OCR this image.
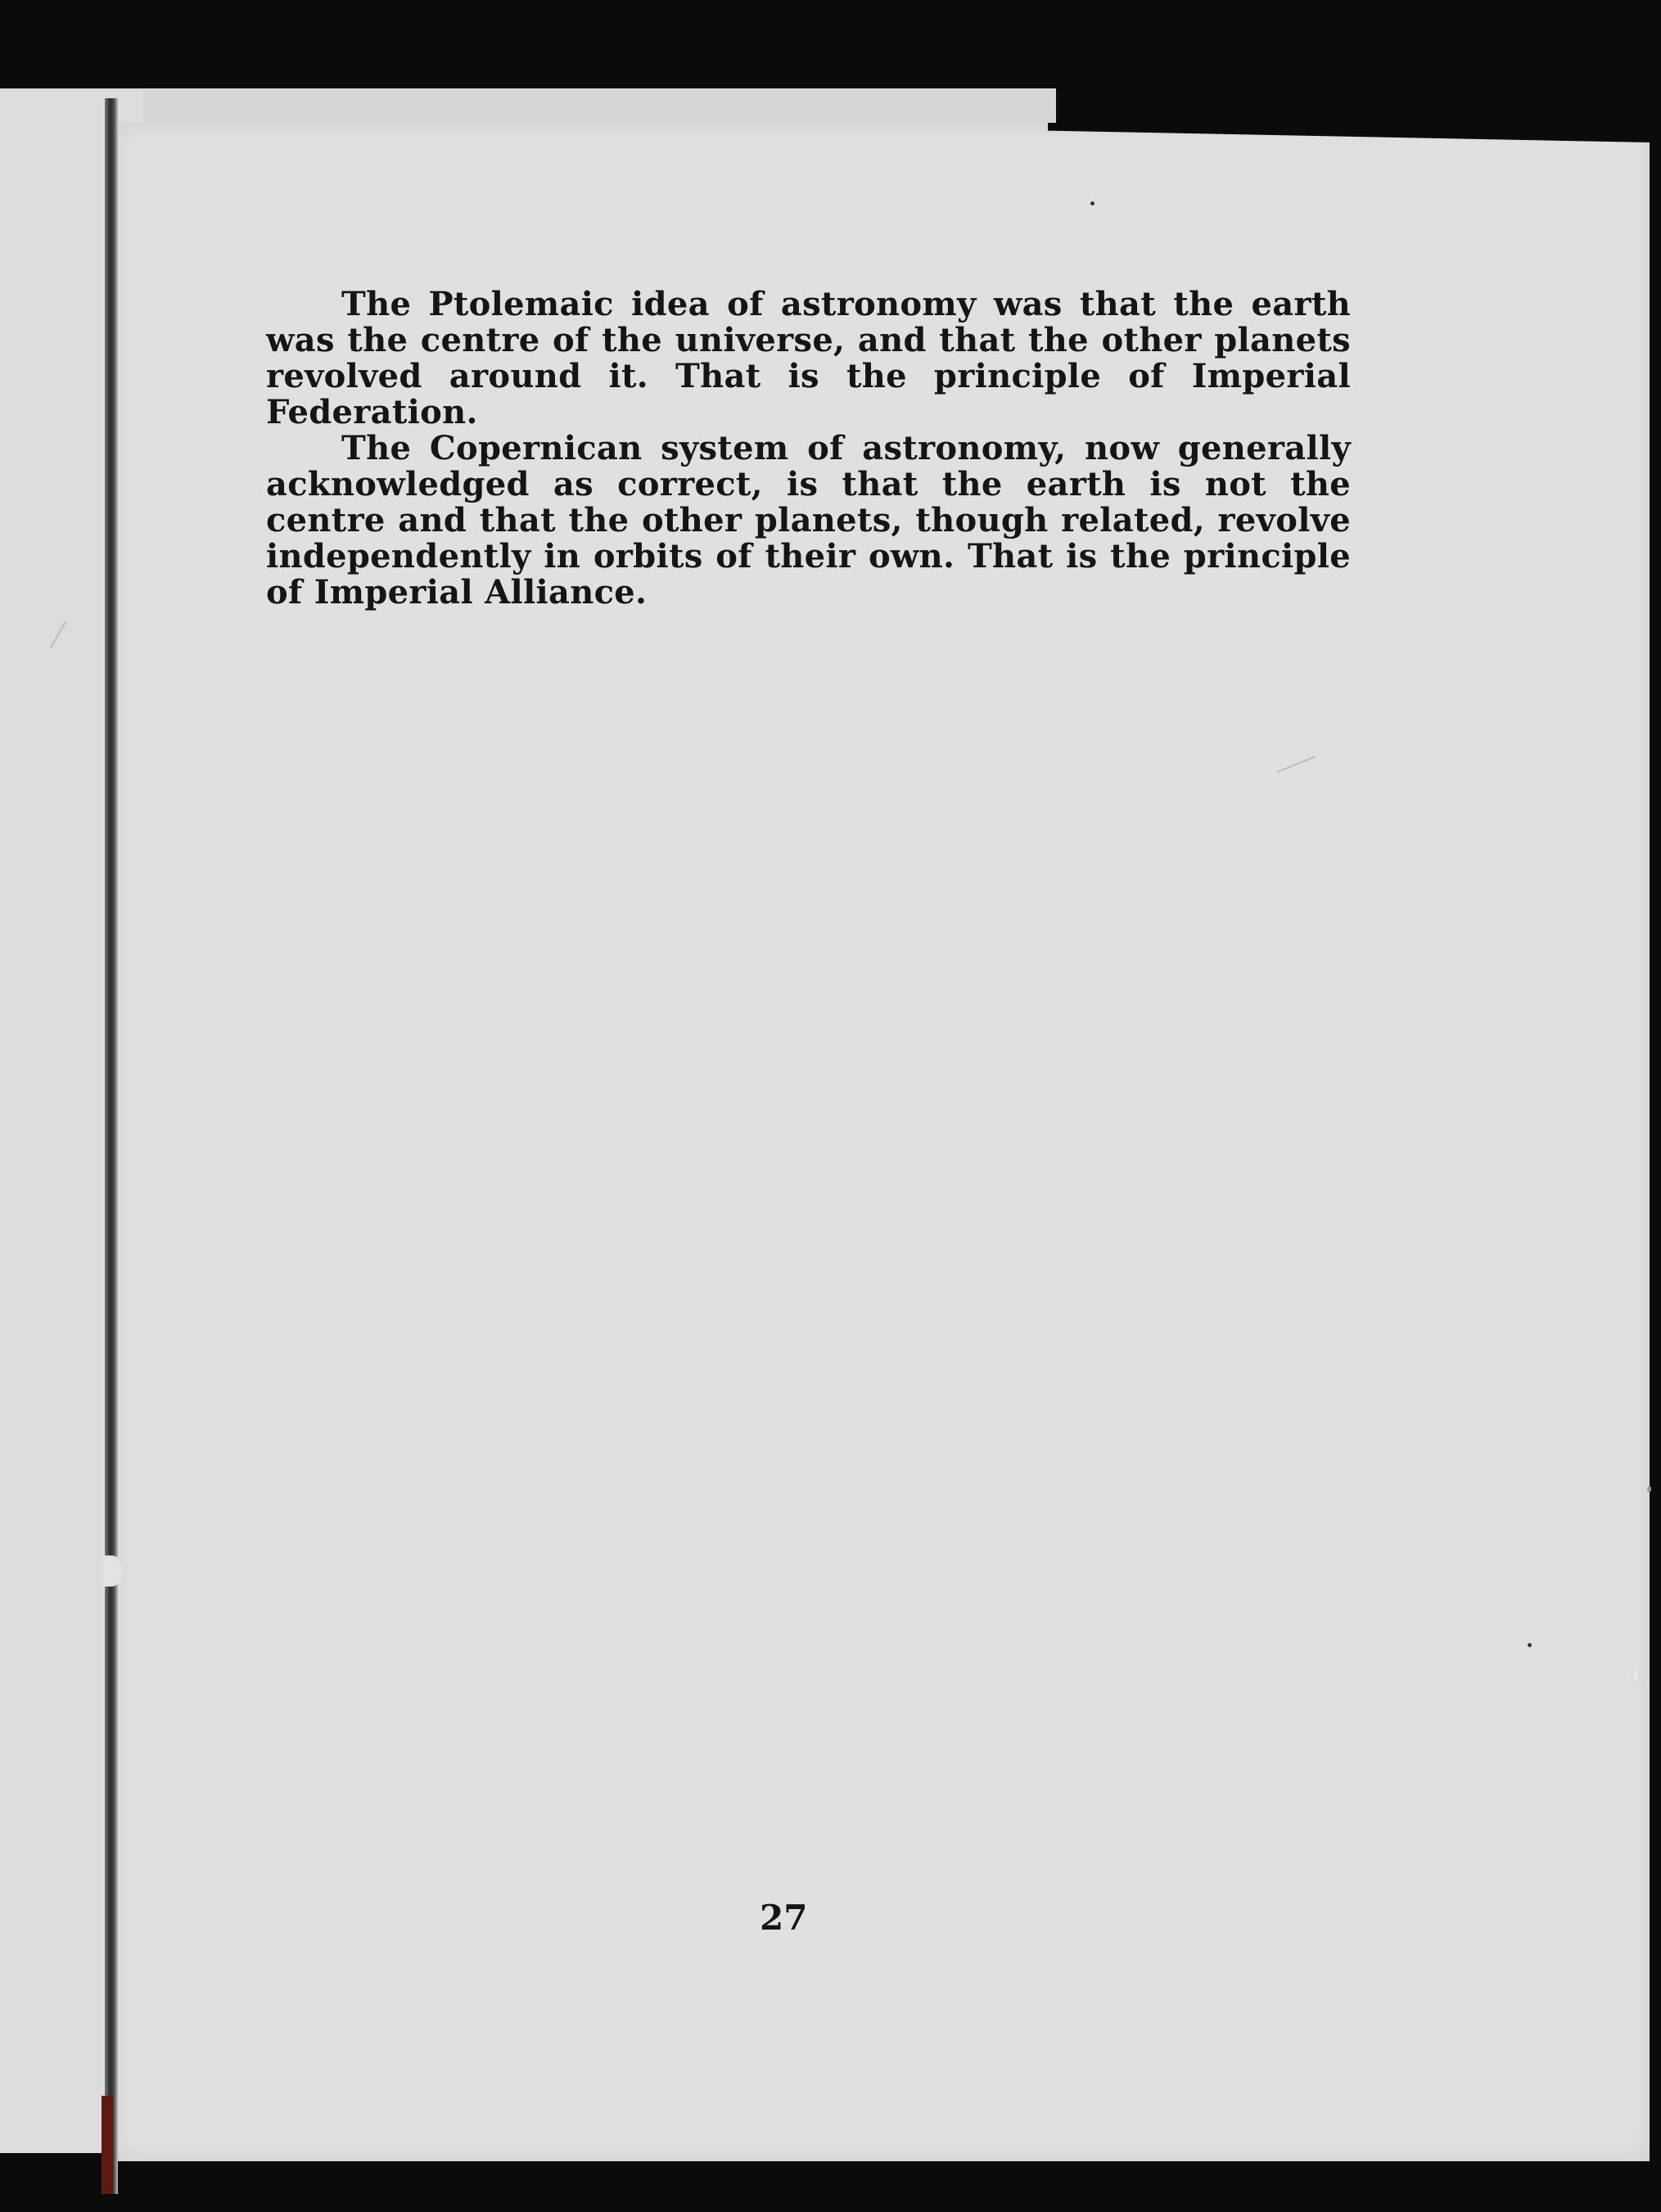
The Ptolemaic idea of astronomy was that the earth was the centre of the universe, and that the other planets revolved around it. That is the principle of Imperial Federation.

The Copernican system of astronomy, now generally acknowledged as correct, is that the earth is not the centre and that the other planets, though related, revolve independently in orbits of their own. That is the principle of Imperial Alliance.

27
